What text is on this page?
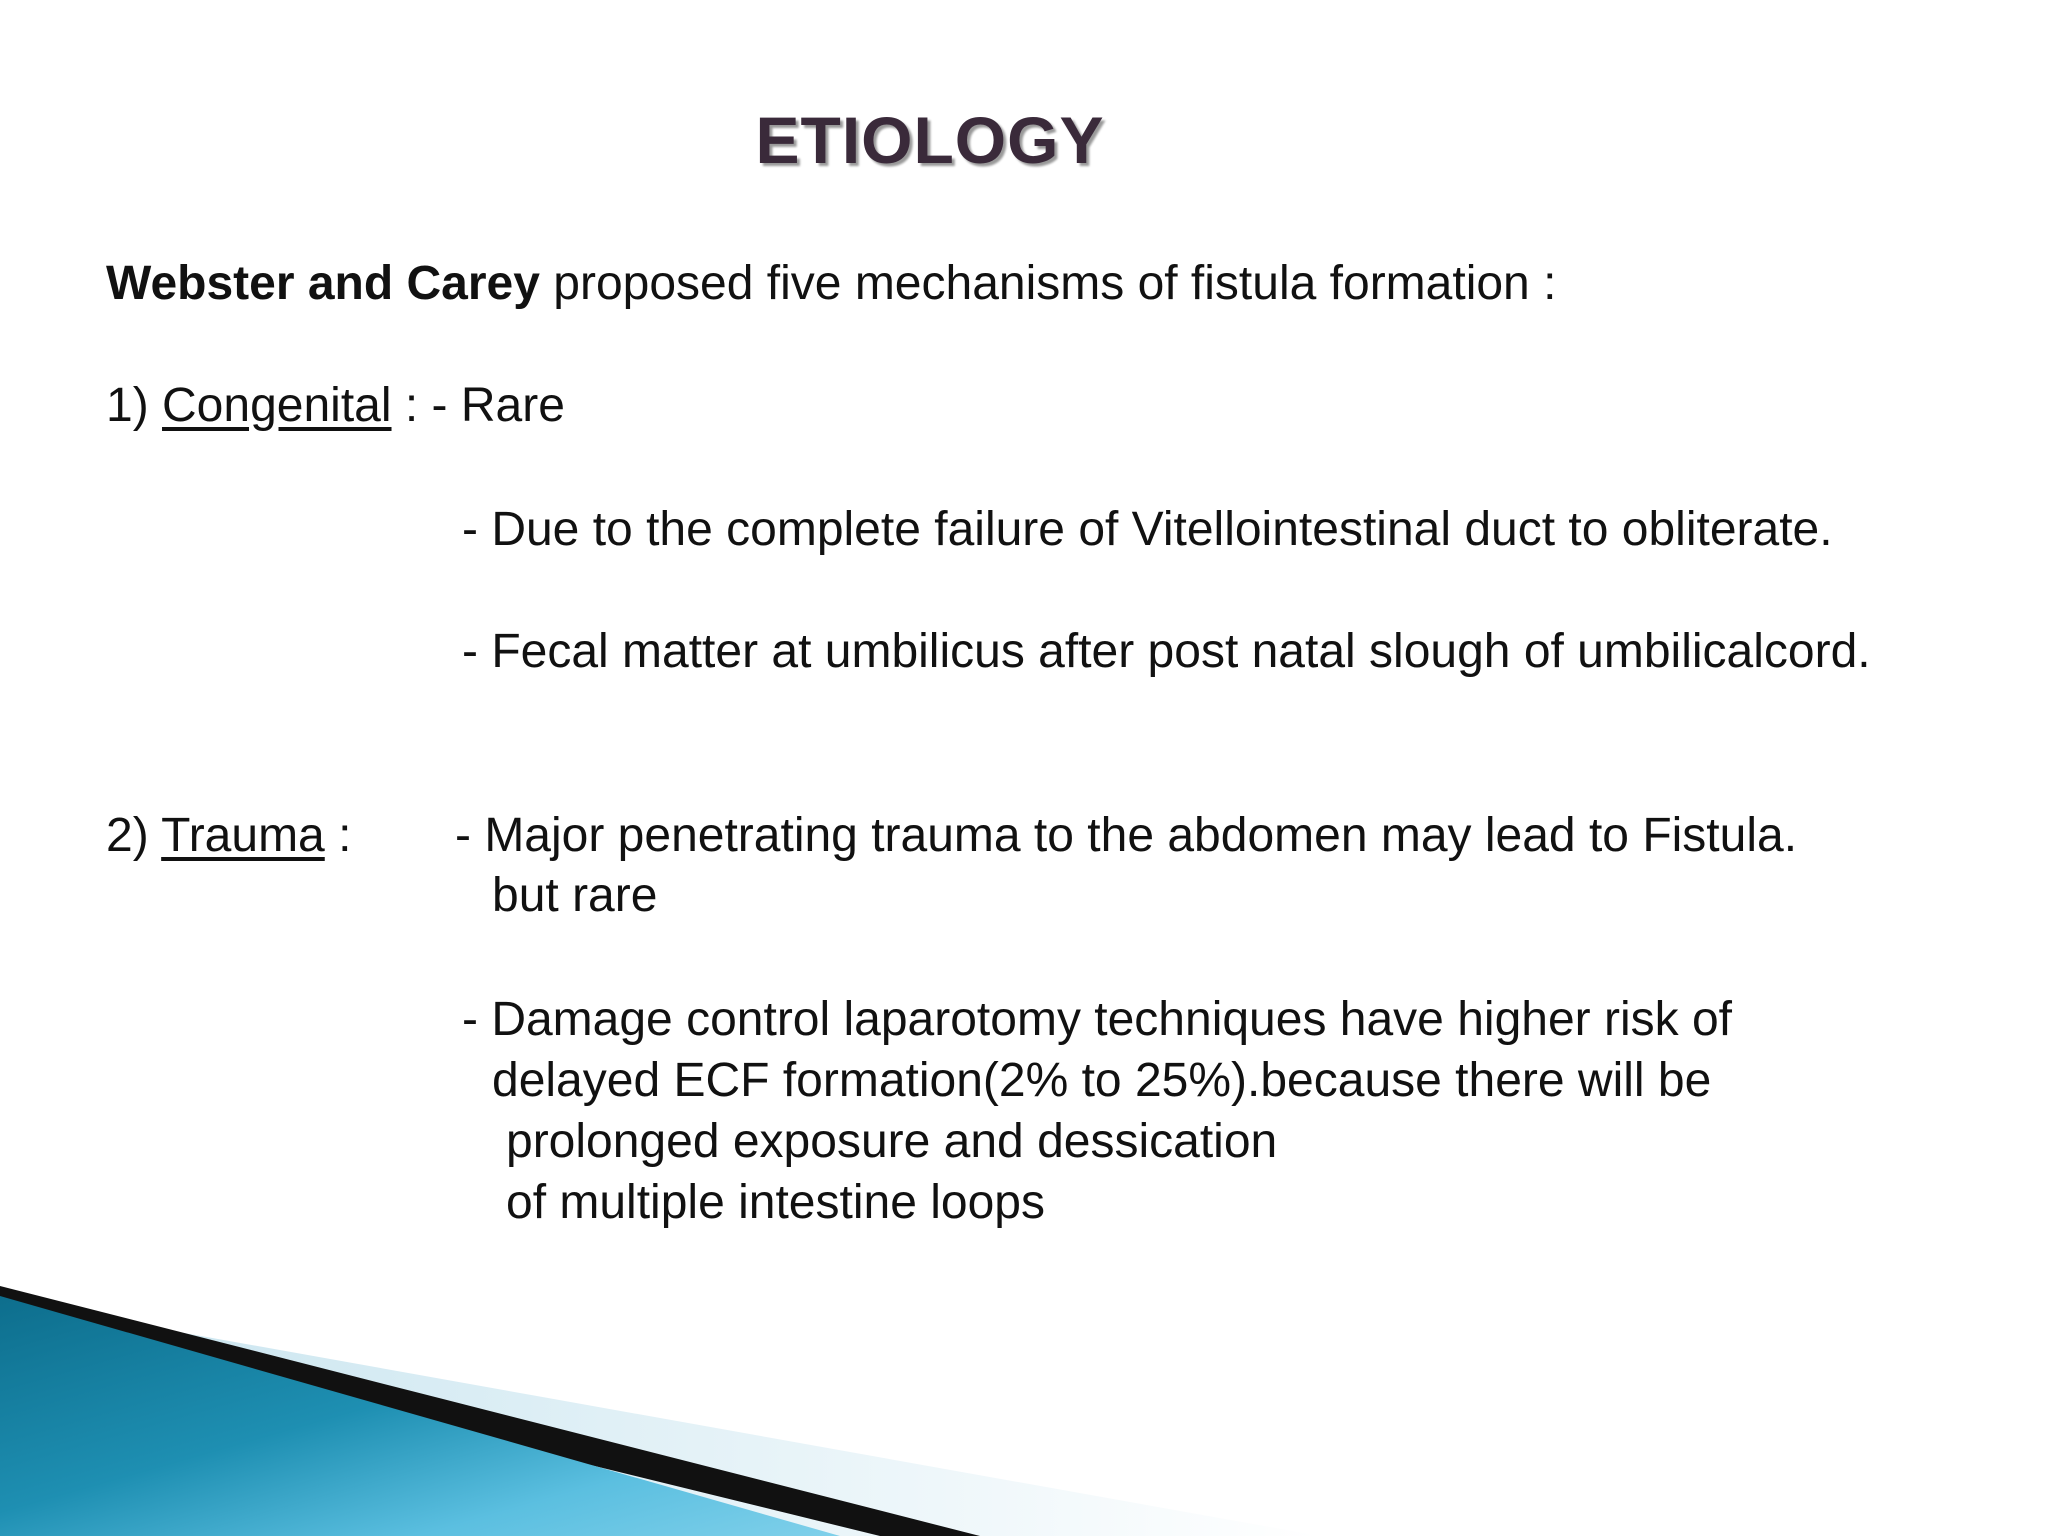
ETIOLOGY
Webster and Carey proposed five mechanisms of fistula formation :
1) Congenital : - Rare
- Due to the complete failure of Vitellointestinal duct to obliterate.
- Fecal matter at umbilicus after post natal slough of umbilicalcord.
2) Trauma : - Major penetrating trauma to the abdomen may lead to Fistula.
but rare
- Damage control laparotomy techniques have higher risk of
delayed ECF formation(2% to 25%).because there will be
prolonged exposure and dessication
of multiple intestine loops
